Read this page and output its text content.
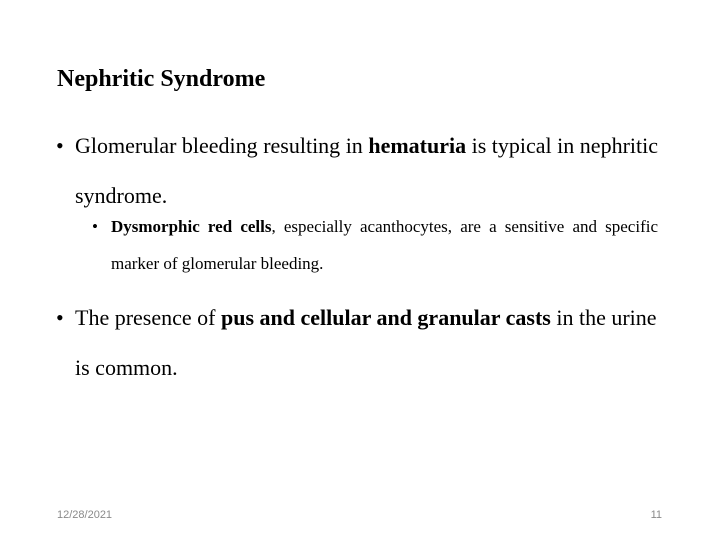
Nephritic Syndrome
• Glomerular bleeding resulting in hematuria is typical in nephritic syndrome.
• Dysmorphic red cells, especially acanthocytes, are a sensitive and specific marker of glomerular bleeding.
• The presence of pus and cellular and granular casts in the urine is common.
12/28/2021	11
